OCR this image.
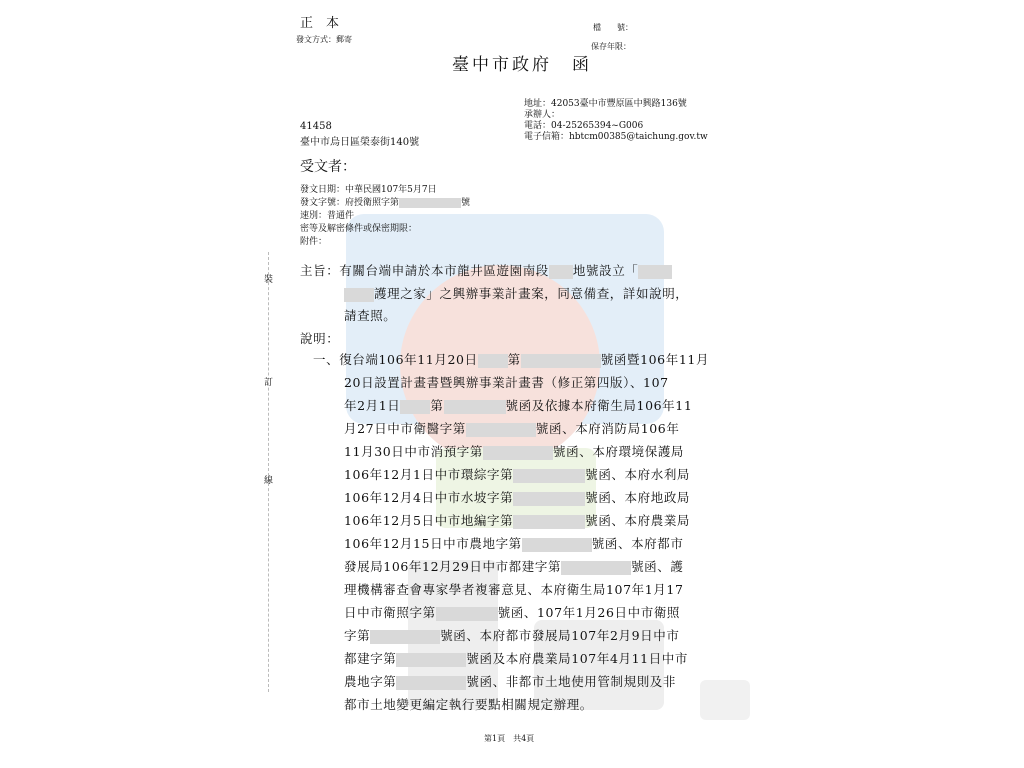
裝
訂
線
正　本
發文方式：郵寄
檔　　號：
保存年限：
臺中市政府　函
地址：42053臺中市豐原區中興路136號
承辦人：
電話：04-25265394~G006
電子信箱：hbtcm00385@taichung.gov.tw
41458
臺中市烏日區榮泰街140號
受文者：
發文日期：中華民國107年5月7日
發文字號：府授衛照字第	號
速別：普通件
密等及解密條件或保密期限：
附件：
主旨：有關台端申請於本市龍井區遊園南段 地號設立「
護理之家」之興辦事業計畫案，同意備查，詳如說明，
請查照。
說明：
一、復台端106年11月20日 第	號函暨106年11月
20日設置計畫書暨興辦事業計畫書（修正第四版）、107
年2月1日 第	號函及依據本府衛生局106年11
月27日中市衛醫字第	號函、本府消防局106年
11月30日中市消預字第	號函、本府環境保護局
106年12月1日中市環綜字第	號函、本府水利局
106年12月4日中市水坡字第	號函、本府地政局
106年12月5日中市地編字第	號函、本府農業局
106年12月15日中市農地字第	號函、本府都市
發展局106年12月29日中市都建字第	號函、護
理機構審查會專家學者複審意見、本府衛生局107年1月17
日中市衛照字第	號函、107年1月26日中市衛照
字第	號函、本府都市發展局107年2月9日中市
都建字第	號函及本府農業局107年4月11日中市
農地字第	號函、非都市土地使用管制規則及非
都市土地變更編定執行要點相關規定辦理。
第1頁　共4頁
